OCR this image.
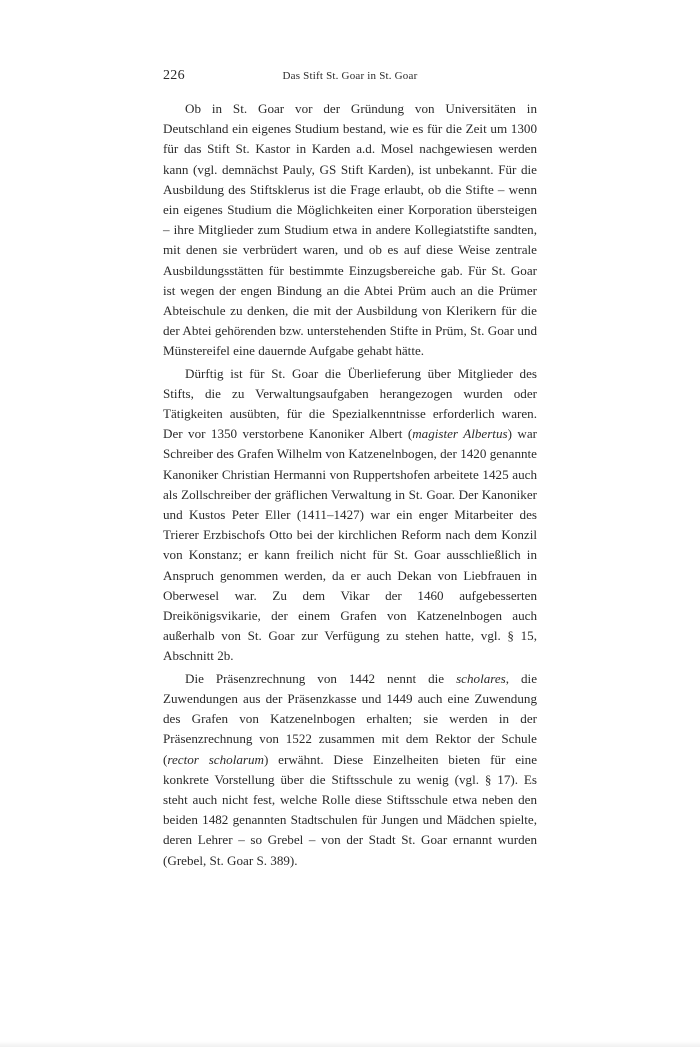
226	Das Stift St. Goar in St. Goar

Ob in St. Goar vor der Gründung von Universitäten in Deutschland ein eigenes Studium bestand, wie es für die Zeit um 1300 für das Stift St. Kastor in Karden a.d. Mosel nachgewiesen werden kann (vgl. demnächst Pauly, GS Stift Karden), ist unbekannt. Für die Ausbildung des Stiftsklerus ist die Frage erlaubt, ob die Stifte – wenn ein eigenes Studium die Möglichkeiten einer Korporation übersteigen – ihre Mitglieder zum Studium etwa in andere Kollegiatstifte sandten, mit denen sie verbrüdert waren, und ob es auf diese Weise zentrale Ausbildungsstätten für bestimmte Einzugsbereiche gab. Für St. Goar ist wegen der engen Bindung an die Abtei Prüm auch an die Prümer Abteischule zu denken, die mit der Ausbildung von Klerikern für die der Abtei gehörenden bzw. unterstehenden Stifte in Prüm, St. Goar und Münstereifel eine dauernde Aufgabe gehabt hätte.

Dürftig ist für St. Goar die Überlieferung über Mitglieder des Stifts, die zu Verwaltungsaufgaben herangezogen wurden oder Tätigkeiten ausübten, für die Spezialkenntnisse erforderlich waren. Der vor 1350 verstorbene Kanoniker Albert (magister Albertus) war Schreiber des Grafen Wilhelm von Katzenelnbogen, der 1420 genannte Kanoniker Christian Hermanni von Ruppertshofen arbeitete 1425 auch als Zollschreiber der gräflichen Verwaltung in St. Goar. Der Kanoniker und Kustos Peter Eller (1411–1427) war ein enger Mitarbeiter des Trierer Erzbischofs Otto bei der kirchlichen Reform nach dem Konzil von Konstanz; er kann freilich nicht für St. Goar ausschließlich in Anspruch genommen werden, da er auch Dekan von Liebfrauen in Oberwesel war. Zu dem Vikar der 1460 aufgebesserten Dreikönigsvikarie, der einem Grafen von Katzenelnbogen auch außerhalb von St. Goar zur Verfügung zu stehen hatte, vgl. § 15, Abschnitt 2b.

Die Präsenzrechnung von 1442 nennt die scholares, die Zuwendungen aus der Präsenzkasse und 1449 auch eine Zuwendung des Grafen von Katzenelnbogen erhalten; sie werden in der Präsenzrechnung von 1522 zusammen mit dem Rektor der Schule (rector scholarum) erwähnt. Diese Einzelheiten bieten für eine konkrete Vorstellung über die Stiftsschule zu wenig (vgl. § 17). Es steht auch nicht fest, welche Rolle diese Stiftsschule etwa neben den beiden 1482 genannten Stadtschulen für Jungen und Mädchen spielte, deren Lehrer – so Grebel – von der Stadt St. Goar ernannt wurden (Grebel, St. Goar S. 389).
